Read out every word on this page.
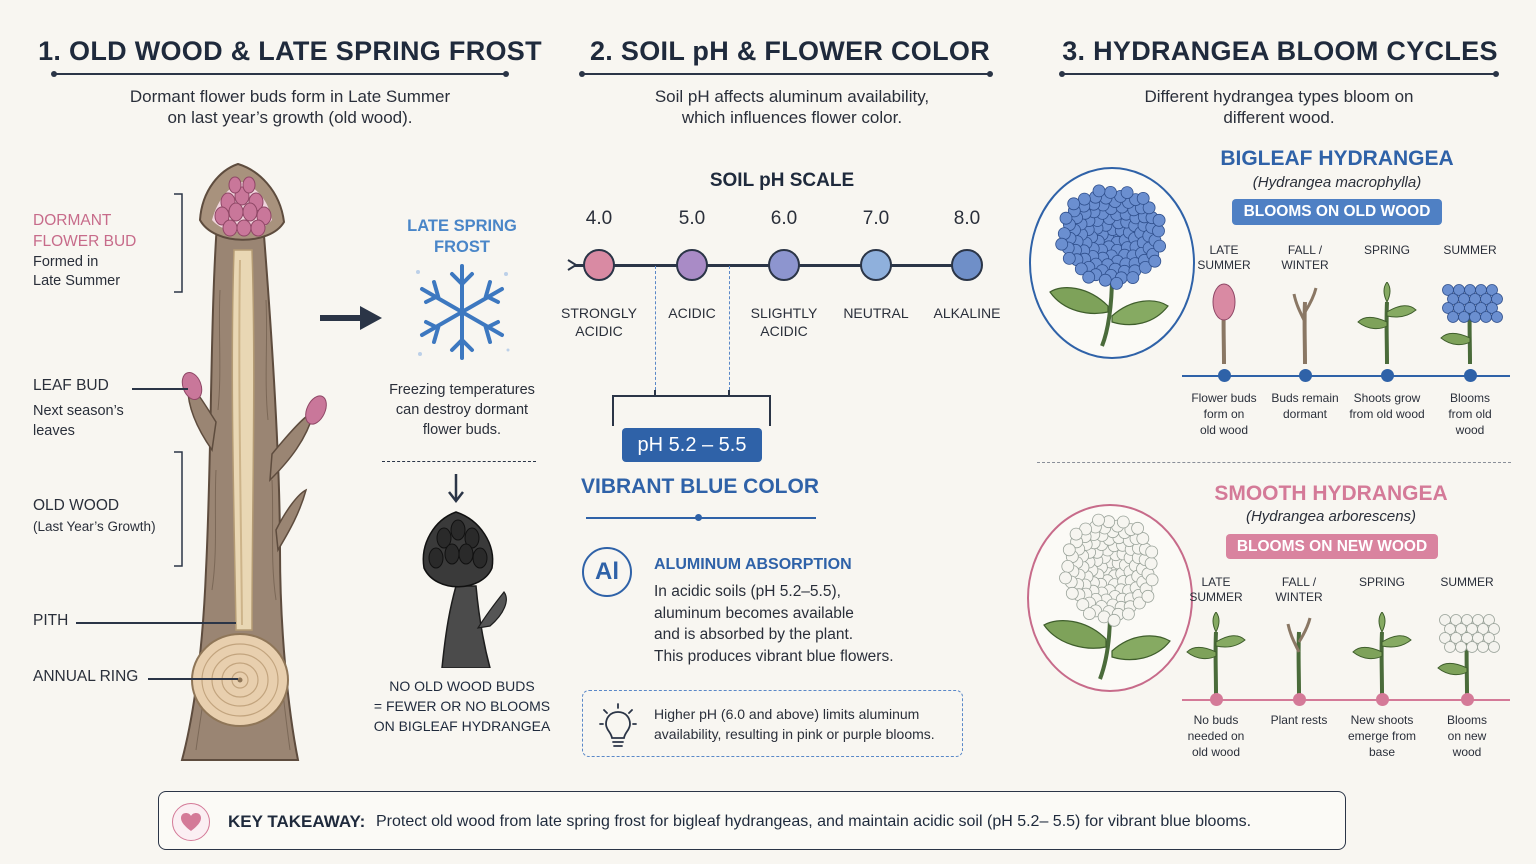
1. OLD WOOD & LATE SPRING FROST
Dormant flower buds form in Late Summer
on last year’s growth (old wood).
DORMANT
FLOWER BUD
Formed in
Late Summer
LEAF BUD
Next season’s
leaves
OLD WOOD
(Last Year’s Growth)
PITH
ANNUAL RING
LATE SPRING
FROST
Freezing temperatures
can destroy dormant
flower buds.
NO OLD WOOD BUDS
= FEWER OR NO BLOOMS
ON BIGLEAF HYDRANGEA
2. SOIL pH & FLOWER COLOR
Soil pH affects aluminum availability,
which influences flower color.
SOIL pH SCALE
4.0
STRONGLY
ACIDIC
5.0
ACIDIC
6.0
SLIGHTLY
ACIDIC
7.0
NEUTRAL
8.0
ALKALINE
pH 5.2 – 5.5
VIBRANT BLUE COLOR
Al	ALUMINUM ABSORPTION
In acidic soils (pH 5.2–5.5),
aluminum becomes available
and is absorbed by the plant.
This produces vibrant blue flowers.
Higher pH (6.0 and above) limits aluminum
availability, resulting in pink or purple blooms.
3. HYDRANGEA BLOOM CYCLES
Different hydrangea types bloom on
different wood.
BIGLEAF HYDRANGEA
(Hydrangea macrophylla)
BLOOMS ON OLD WOOD
LATE
SUMMER
Flower buds
form on
old wood
FALL /
WINTER
Buds remain
dormant
SPRING
Shoots grow
from old wood
SUMMER
Blooms
from old
wood
SMOOTH HYDRANGEA
(Hydrangea arborescens)
BLOOMS ON NEW WOOD
LATE
SUMMER
No buds
needed on
old wood
FALL /
WINTER
Plant rests
SPRING
New shoots
emerge from
base
SUMMER
Blooms
on new
wood
KEY TAKEAWAY: Protect old wood from late spring frost for bigleaf hydrangeas, and maintain acidic soil (pH 5.2– 5.5) for vibrant blue blooms.
